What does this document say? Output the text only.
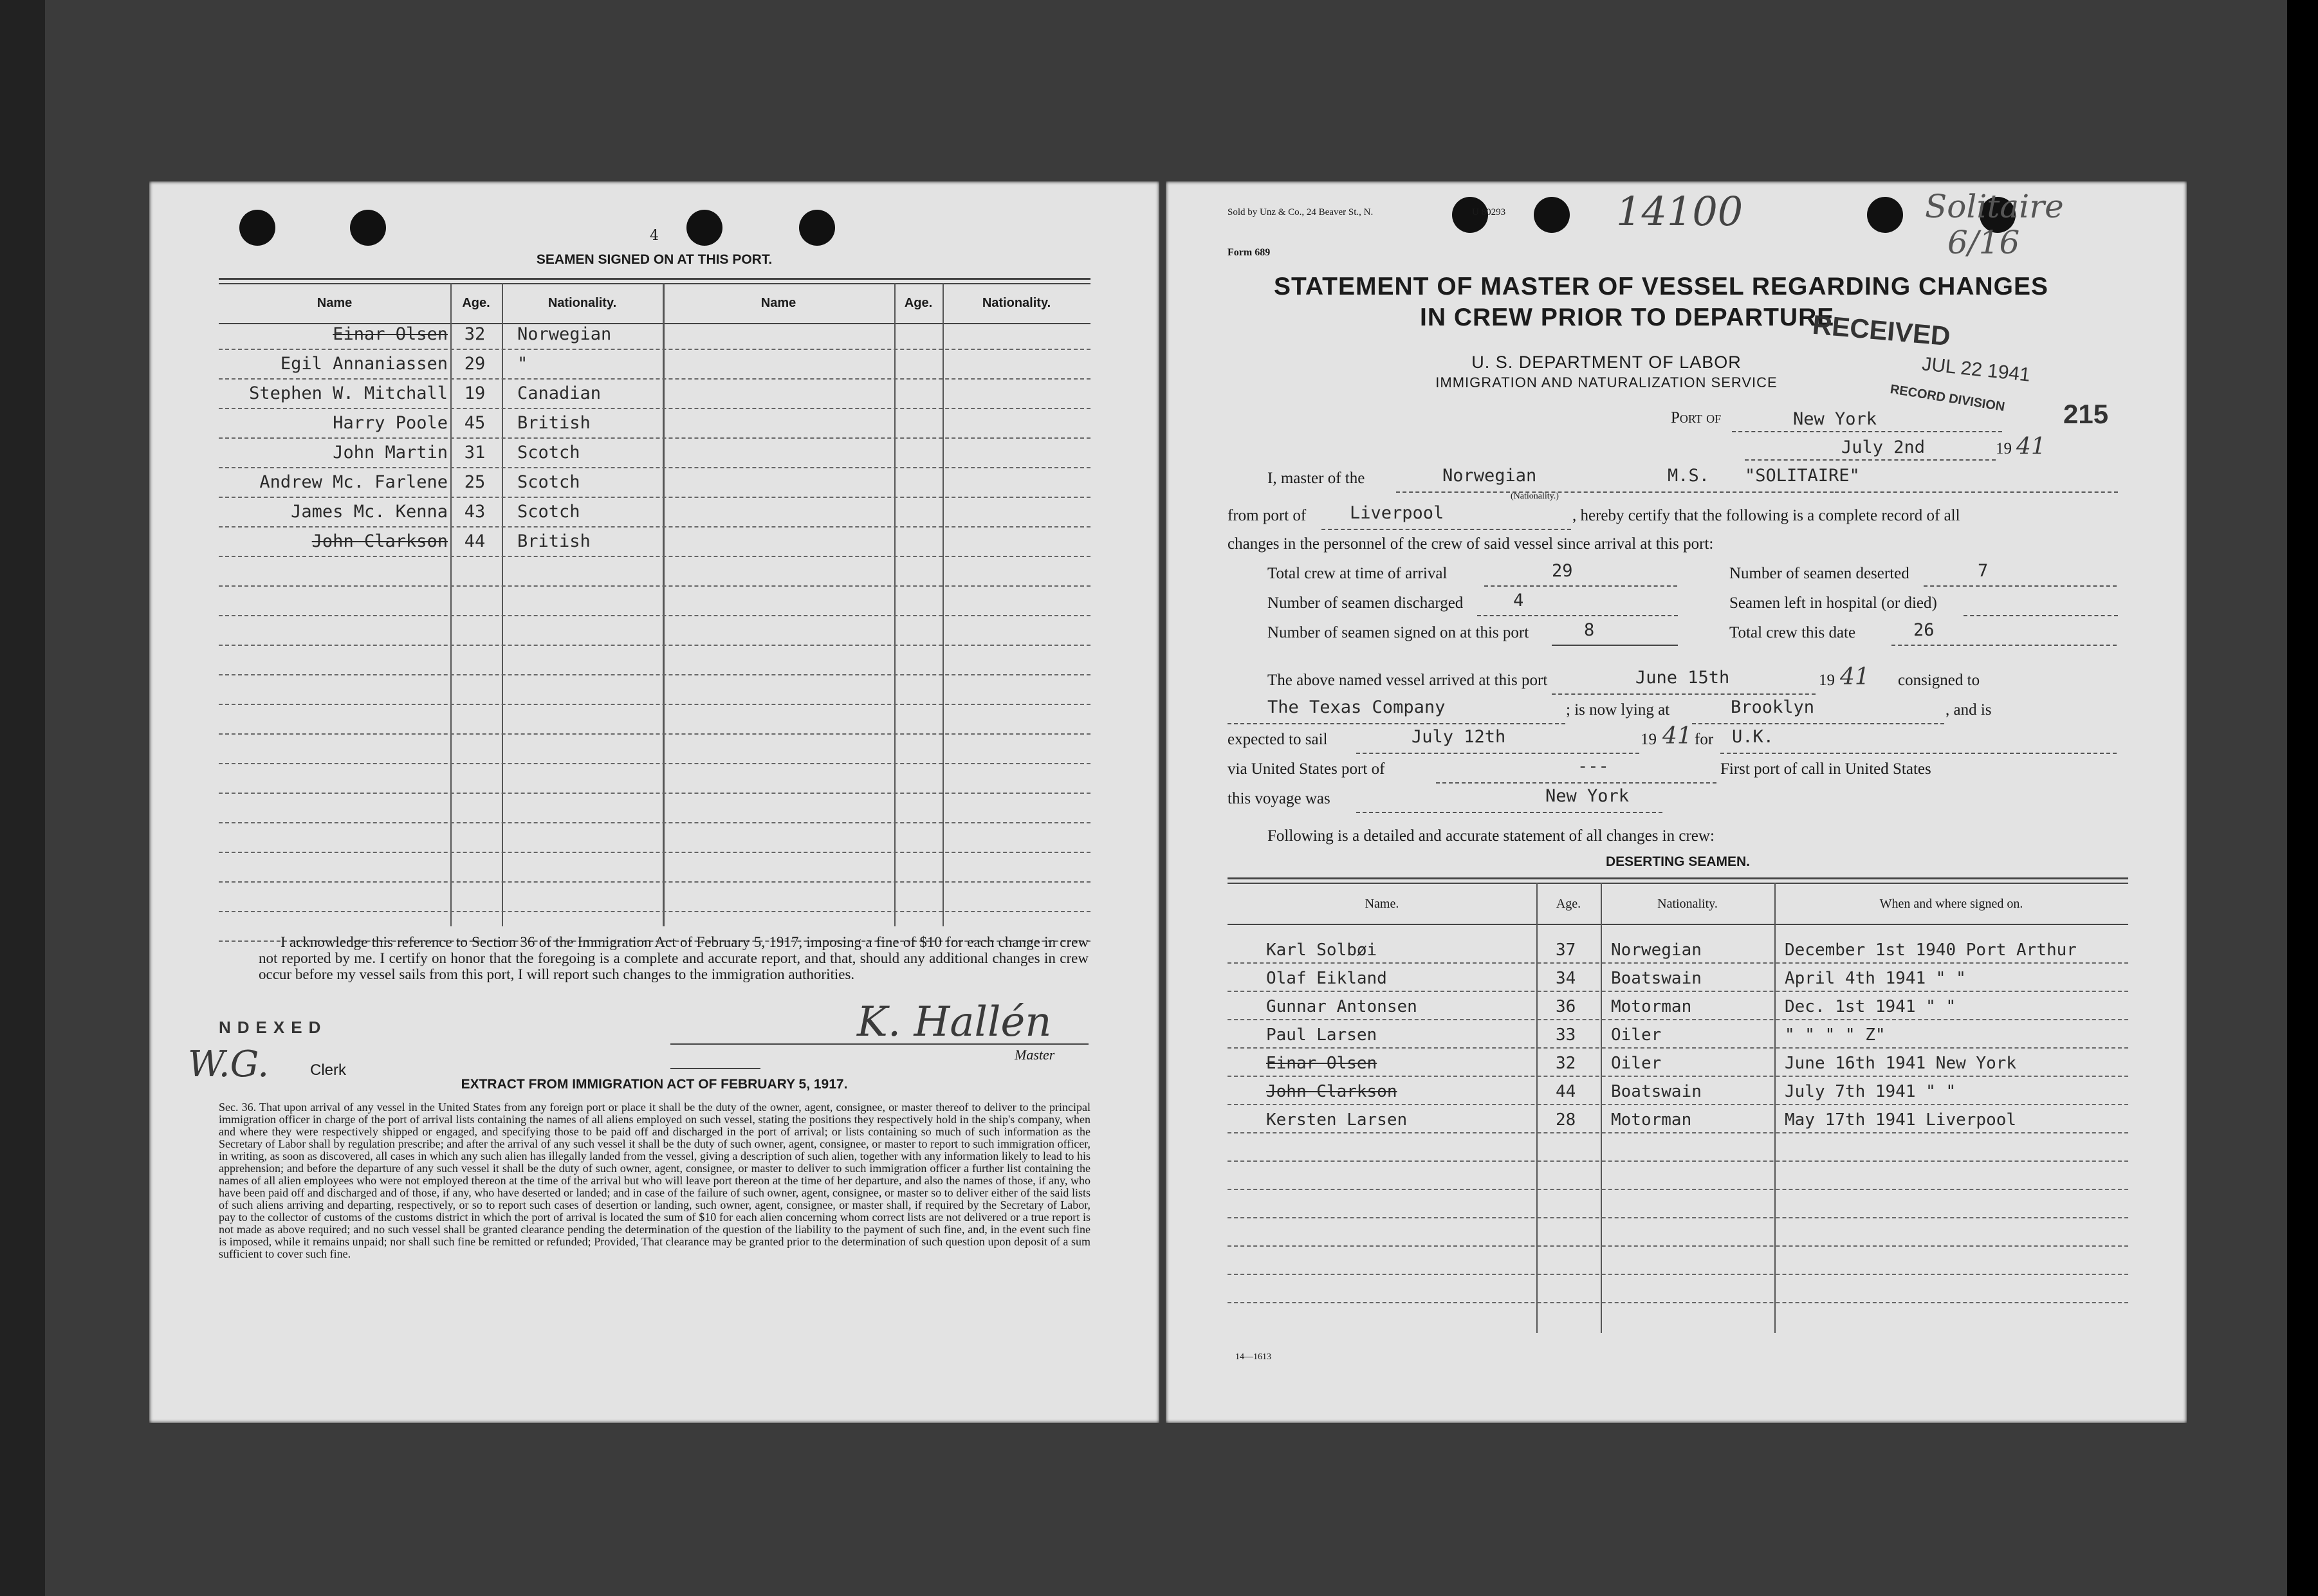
4
SEAMEN SIGNED ON AT THIS PORT.
Name	Age.	Nationality.	Name	Age.	Nationality.
Einar Olsen 32	Norwegian
Egil Annaniassen 29	"
Stephen W. Mitchall 19	Canadian
Harry Poole 45	British
John Martin 31	Scotch
Andrew Mc. Farlene 25	Scotch
James Mc. Kenna 43	Scotch
John Clarkson 44	British
I acknowledge this reference to Section 36 of the Immigration Act of February 5, 1917, imposing a fine of $10 for each change in crew not reported by me. I certify on honor that the foregoing is a complete and accurate report, and that, should any additional changes in crew occur before my vessel sails from this port, I will report such changes to the immigration authorities.
NDEXED
W.G.	Clerk
K. Hallén
Master
EXTRACT FROM IMMIGRATION ACT OF FEBRUARY 5, 1917.
Sec. 36. That upon arrival of any vessel in the United States from any foreign port or place it shall be the duty of the owner, agent, consignee, or master thereof to deliver to the principal immigration officer in charge of the port of arrival lists containing the names of all aliens employed on such vessel, stating the positions they respectively hold in the ship's company, when and where they were respectively shipped or engaged, and specifying those to be paid off and discharged in the port of arrival; or lists containing so much of such information as the Secretary of Labor shall by regulation prescribe; and after the arrival of any such vessel it shall be the duty of such owner, agent, consignee, or master to report to such immigration officer, in writing, as soon as discovered, all cases in which any such alien has illegally landed from the vessel, giving a description of such alien, together with any information likely to lead to his apprehension; and before the departure of any such vessel it shall be the duty of such owner, agent, consignee, or master to deliver to such immigration officer a further list containing the names of all alien employees who were not employed thereon at the time of the arrival but who will leave port thereon at the time of her departure, and also the names of those, if any, who have been paid off and discharged and of those, if any, who have deserted or landed; and in case of the failure of such owner, agent, consignee, or master so to deliver either of the said lists of such aliens arriving and departing, respectively, or so to report such cases of desertion or landing, such owner, agent, consignee, or master shall, if required by the Secretary of Labor, pay to the collector of customs of the customs district in which the port of arrival is located the sum of $10 for each alien concerning whom correct lists are not delivered or a true report is not made as above required; and no such vessel shall be granted clearance pending the determination of the question of the liability to the payment of such fine, and, in the event such fine is imposed, while it remains unpaid; nor shall such fine be remitted or refunded; Provided, That clearance may be granted prior to the determination of such question upon deposit of a sum sufficient to cover such fine.
Sold by Unz & Co., 24 Beaver St., N.	U 80293	14100	Solitaire
6/16
Form 689
STATEMENT OF MASTER OF VESSEL REGARDING CHANGES
IN CREW PRIOR TO DEPARTURE
RECEIVED
JUL 22 1941
RECORD DIVISION 215
U. S. DEPARTMENT OF LABOR
IMMIGRATION AND NATURALIZATION SERVICE
Port of	New York
July 2nd	19 41
I, master of the	Norwegian
(Nationality.)
M.S. "SOLITAIRE"
from port of	Liverpool	, hereby certify that the following is a complete record of all
changes in the personnel of the crew of said vessel since arrival at this port:
Total crew at time of arrival	29	Number of seamen deserted	7
Number of seamen discharged	4	Seamen left in hospital (or died)
Number of seamen signed on at this port	8	Total crew this date	26
The above named vessel arrived at this port	June 15th	19 41 consigned to
The Texas Company	; is now lying at	Brooklyn	, and is
expected to sail	July 12th	19 41 for U.K.
via United States port of	---	First port of call in United States
this voyage was	New York
Following is a detailed and accurate statement of all changes in crew:
DESERTING SEAMEN.
Name.	Age.	Nationality.	When and where signed on.
Karl Solbøi	37 Norwegian	December 1st 1940 Port Arthur
Olaf Eikland	34 Boatswain	April 4th 1941 " "
Gunnar Antonsen	36 Motorman	Dec. 1st 1941 " "
Paul Larsen	33 Oiler	" " " " Z"
Einar Olsen	32 Oiler	June 16th 1941 New York
John Clarkson	44 Boatswain	July 7th 1941 " "
Kersten Larsen	28 Motorman	May 17th 1941 Liverpool
14—1613
